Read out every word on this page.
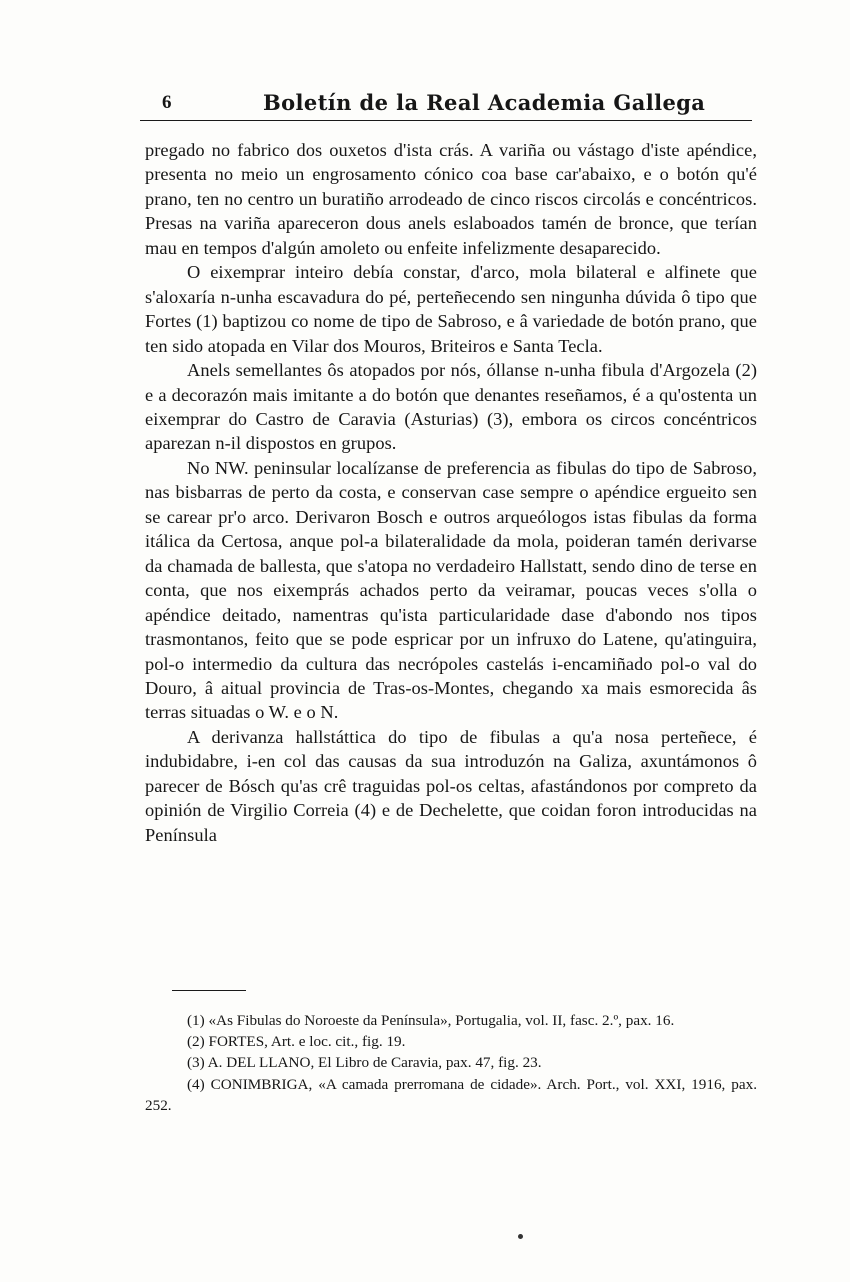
6	Boletín de la Real Academia Gallega

pregado no fabrico dos ouxetos d'ista crás. A variña ou vástago d'iste apéndice, presenta no meio un engrosamento cónico coa base car'abaixo, e o botón qu'é prano, ten no centro un buratiño arrodeado de cinco riscos circolás e concéntricos. Presas na variña apareceron dous anels eslaboados tamén de bronce, que terían mau en tempos d'algún amoleto ou enfeite infelizmente desaparecido.

O eixemprar inteiro debía constar, d'arco, mola bilateral e alfinete que s'aloxaría n-unha escavadura do pé, perteñecendo sen ningunha dúvida ô tipo que Fortes (1) baptizou co nome de tipo de Sabroso, e â variedade de botón prano, que ten sido atopada en Vilar dos Mouros, Briteiros e Santa Tecla.

Anels semellantes ôs atopados por nós, óllanse n-unha fibula d'Argozela (2) e a decorazón mais imitante a do botón que denantes reseñamos, é a qu'ostenta un eixemprar do Castro de Caravia (Asturias) (3), embora os circos concéntricos aparezan n-il dispostos en grupos.

No NW. peninsular localízanse de preferencia as fibulas do tipo de Sabroso, nas bisbarras de perto da costa, e conservan case sempre o apéndice ergueito sen se carear pr'o arco. Derivaron Bosch e outros arqueólogos istas fibulas da forma itálica da Certosa, anque pol-a bilateralidade da mola, poideran tamén derivarse da chamada de ballesta, que s'atopa no verdadeiro Hallstatt, sendo dino de terse en conta, que nos eixemprás achados perto da veiramar, poucas veces s'olla o apéndice deitado, namentras qu'ista particularidade dase d'abondo nos tipos trasmontanos, feito que se pode espricar por un infruxo do Latene, qu'atinguira, pol-o intermedio da cultura das necrópoles castelás i-encamiñado pol-o val do Douro, â aitual provincia de Tras-os-Montes, chegando xa mais esmorecida âs terras situadas o W. e o N.

A derivanza hallstáttica do tipo de fibulas a qu'a nosa perteñece, é indubidabre, i-en col das causas da sua introduzón na Galiza, axuntámonos ô parecer de Bósch qu'as crê traguidas pol-os celtas, afastándonos por compreto da opinión de Virgilio Correia (4) e de Dechelette, que coidan foron introducidas na Península

(1) «As Fibulas do Noroeste da Península», Portugalia, vol. II, fasc. 2.º, pax. 16.

(2) FORTES, Art. e loc. cit., fig. 19.

(3) A. DEL LLANO, El Libro de Caravia, pax. 47, fig. 23.

(4) CONIMBRIGA, «A camada prerromana de cidade». Arch. Port., vol. XXI, 1916, pax. 252.
